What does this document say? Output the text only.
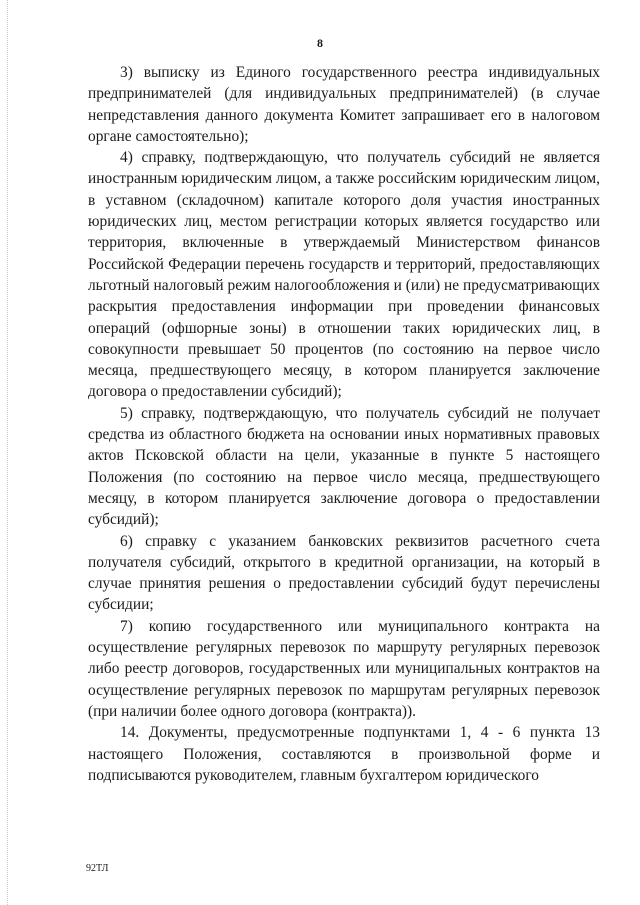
8

3) выписку из Единого государственного реестра индивидуальных предпринимателей (для индивидуальных предпринимателей) (в случае непредставления данного документа Комитет запрашивает его в налоговом органе самостоятельно);

4) справку, подтверждающую, что получатель субсидий не является иностранным юридическим лицом, а также российским юридическим лицом, в уставном (складочном) капитале которого доля участия иностранных юридических лиц, местом регистрации которых является государство или территория, включенные в утверждаемый Министерством финансов Российской Федерации перечень государств и территорий, предоставляющих льготный налоговый режим налогообложения и (или) не предусматривающих раскрытия предоставления информации при проведении финансовых операций (офшорные зоны) в отношении таких юридических лиц, в совокупности превышает 50 процентов (по состоянию на первое число месяца, предшествующего месяцу, в котором планируется заключение договора о предоставлении субсидий);

5) справку, подтверждающую, что получатель субсидий не получает средства из областного бюджета на основании иных нормативных правовых актов Псковской области на цели, указанные в пункте 5 настоящего Положения (по состоянию на первое число месяца, предшествующего месяцу, в котором планируется заключение договора о предоставлении субсидий);

6) справку с указанием банковских реквизитов расчетного счета получателя субсидий, открытого в кредитной организации, на который в случае принятия решения о предоставлении субсидий будут перечислены субсидии;

7) копию государственного или муниципального контракта на осуществление регулярных перевозок по маршруту регулярных перевозок либо реестр договоров, государственных или муниципальных контрактов на осуществление регулярных перевозок по маршрутам регулярных перевозок (при наличии более одного договора (контракта)).

14. Документы, предусмотренные подпунктами 1, 4 - 6 пункта 13 настоящего Положения, составляются в произвольной форме и подписываются руководителем, главным бухгалтером юридического

92ТЛ
